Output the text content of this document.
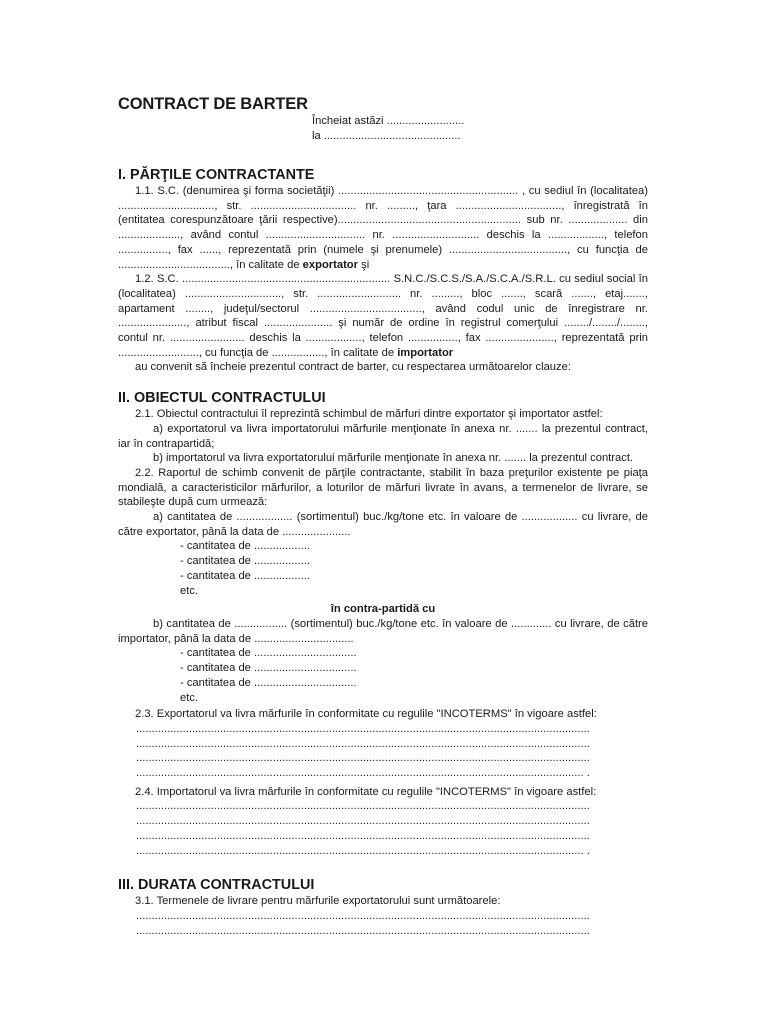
CONTRACT DE BARTER

Încheiat astăzi .........................

la ............................................

I. PĂRŢILE CONTRACTANTE

1.1. S.C. (denumirea şi forma societăţii) .......................................................... , cu sediul în (localitatea) ..............................., str. .................................. nr. ........., ţara .................................., înregistrată în (entitatea corespunzătoare ţării respective)........................................................... sub nr. ................... din ...................., având contul ................................ nr. ............................ deschis la .................., telefon ................, fax ......, reprezentată prin (numele şi prenumele) ......................................, cu funcţia de ...................................., în calitate de exportator şi

1.2. S.C. ................................................................... S.N.C./S.C.S./S.A./S.C.A./S.R.L. cu sediul social în (localitatea) ..............................., str. ........................... nr. ........., bloc ......., scară ......., etaj......., apartament ........, judeţul/sectorul ...................................., având codul unic de înregistrare nr. ......................, atribut fiscal ...................... şi număr de ordine în registrul comerţului ......../......../........, contul nr. ........................ deschis la .................., telefon ................, fax ......................, reprezentată prin .........................., cu funcţia de ................., în calitate de importator

au convenit să încheie prezentul contract de barter, cu respectarea următoarelor clauze:

II. OBIECTUL CONTRACTULUI

2.1. Obiectul contractului îl reprezintă schimbul de mărfuri dintre exportator şi importator astfel:

a) exportatorul va livra importatorului mărfurile menţionate în anexa nr. ....... la prezentul contract, iar în contrapartidă;

b) importatorul va livra exportatorului mărfurile menţionate în anexa nr. ....... la prezentul contract.

2.2. Raportul de schimb convenit de părţile contractante, stabilit în baza preţurilor existente pe piaţa mondială, a caracteristicilor mărfurilor, a loturilor de mărfuri livrate în avans, a termenelor de livrare, se stabileşte după cum urmează:

a) cantitatea de .................. (sortimentul) buc./kg/tone etc. în valoare de .................. cu livrare, de către exportator, până la data de ......................

- cantitatea de ..................

- cantitatea de ..................

- cantitatea de ..................

etc.

în contra-partidă cu

b) cantitatea de ................. (sortimentul) buc./kg/tone etc. în valoare de ............. cu livrare, de către importator, până la data de ................................

- cantitatea de .................................

- cantitatea de .................................

- cantitatea de .................................

etc.

2.3. Exportatorul va livra mărfurile în conformitate cu regulile "INCOTERMS" în vigoare astfel:

..................................................................................................................................................

..................................................................................................................................................

..................................................................................................................................................

................................................................................................................................................ .

2.4. Importatorul va livra mărfurile în conformitate cu regulile "INCOTERMS" în vigoare astfel:

..................................................................................................................................................

..................................................................................................................................................

..................................................................................................................................................

................................................................................................................................................ .

III. DURATA CONTRACTULUI

3.1. Termenele de livrare pentru mărfurile exportatorului sunt următoarele:

..................................................................................................................................................

..................................................................................................................................................
